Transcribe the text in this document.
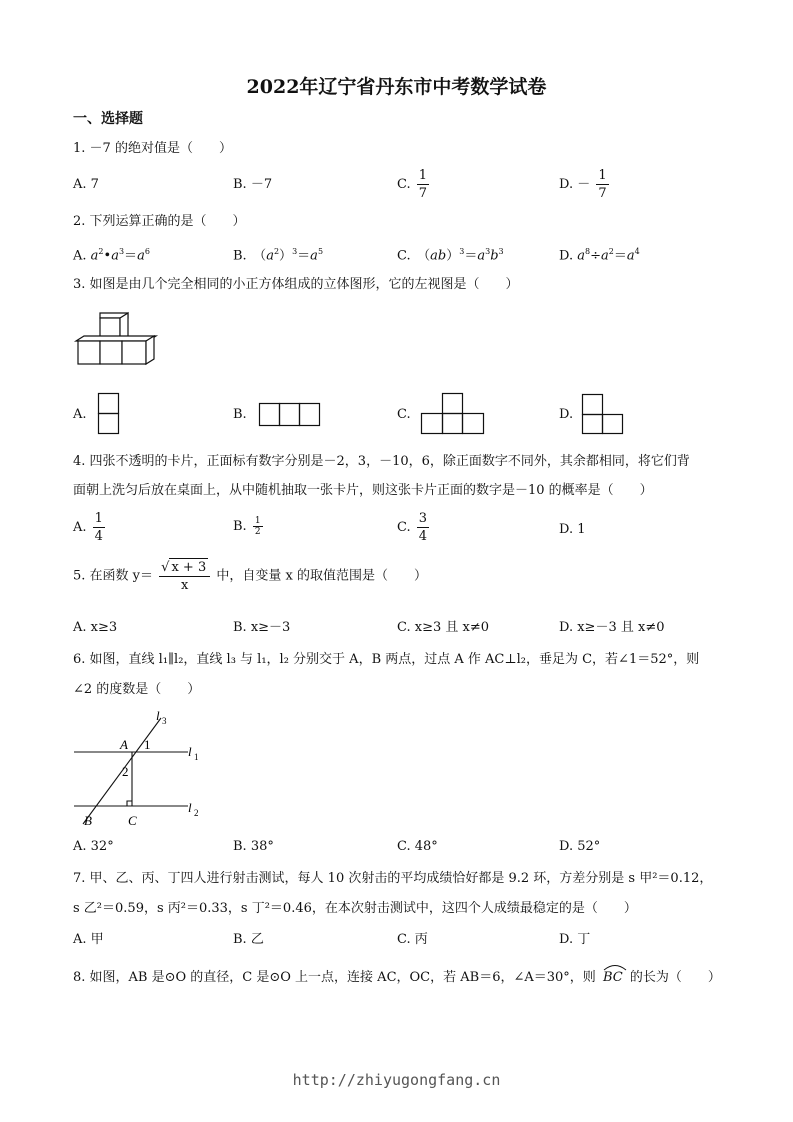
2022年辽宁省丹东市中考数学试卷
一、选择题
1. －7 的绝对值是（　　）
A. 7	B. －7	C. $\frac{1}{7}$	D. － $\frac{1}{7}$
2. 下列运算正确的是（　　）
A. $a^2•a^3=a^6$	B.　$(a^2)^3=a^5$	C.　$(ab)^3=a^3b^3$	D. $a^8\div a^2=a^4$
3. 如图是由几个完全相同的小正方体组成的立体图形，它的左视图是（　　）
A.	B.	C.	D.
4. 四张不透明的卡片，正面标有数字分别是－2，3，－10，6，除正面数字不同外，其余都相同，将它们背
面朝上洗匀后放在桌面上，从中随机抽取一张卡片，则这张卡片正面的数字是－10 的概率是（　　）
A. $\frac{1}{4}$	B. $\frac{1}{2}$	C. $\frac{3}{4}$	D. 1
5. 在函数 $y= \frac{√ x + 3}{x}$ 中，自变量 x 的取值范围是（　　）
A. x≥3	B. x≥－3	C. x≥3 且 x≠0	D. x≥－3 且 x≠0
6. 如图，直线 l₁∥l₂，直线 l₃ 与 l₁，l₂ 分别交于 A，B 两点，过点 A 作 AC⊥l₂，垂足为 C，若∠1＝52°，则
∠2 的度数是（　　）
l 3
l 1
l 2
A 1
2
B	C
A. 32°	B. 38°	C. 48°	D. 52°
7. 甲、乙、丙、丁四人进行射击测试，每人 10 次射击的平均成绩恰好都是 9.2 环，方差分别是 s 甲²＝0.12，
s 乙²＝0.59，s 丙²＝0.33，s 丁²＝0.46，在本次射击测试中，这四个人成绩最稳定的是（　　）
A. 甲	B. 乙	C. 丙	D. 丁
8. 如图，AB 是⊙O 的直径，C 是⊙O 上一点，连接 AC，OC，若 AB＝6，∠A＝30°，则 BC 的长为（　　）
http://zhiyugongfang.cn
